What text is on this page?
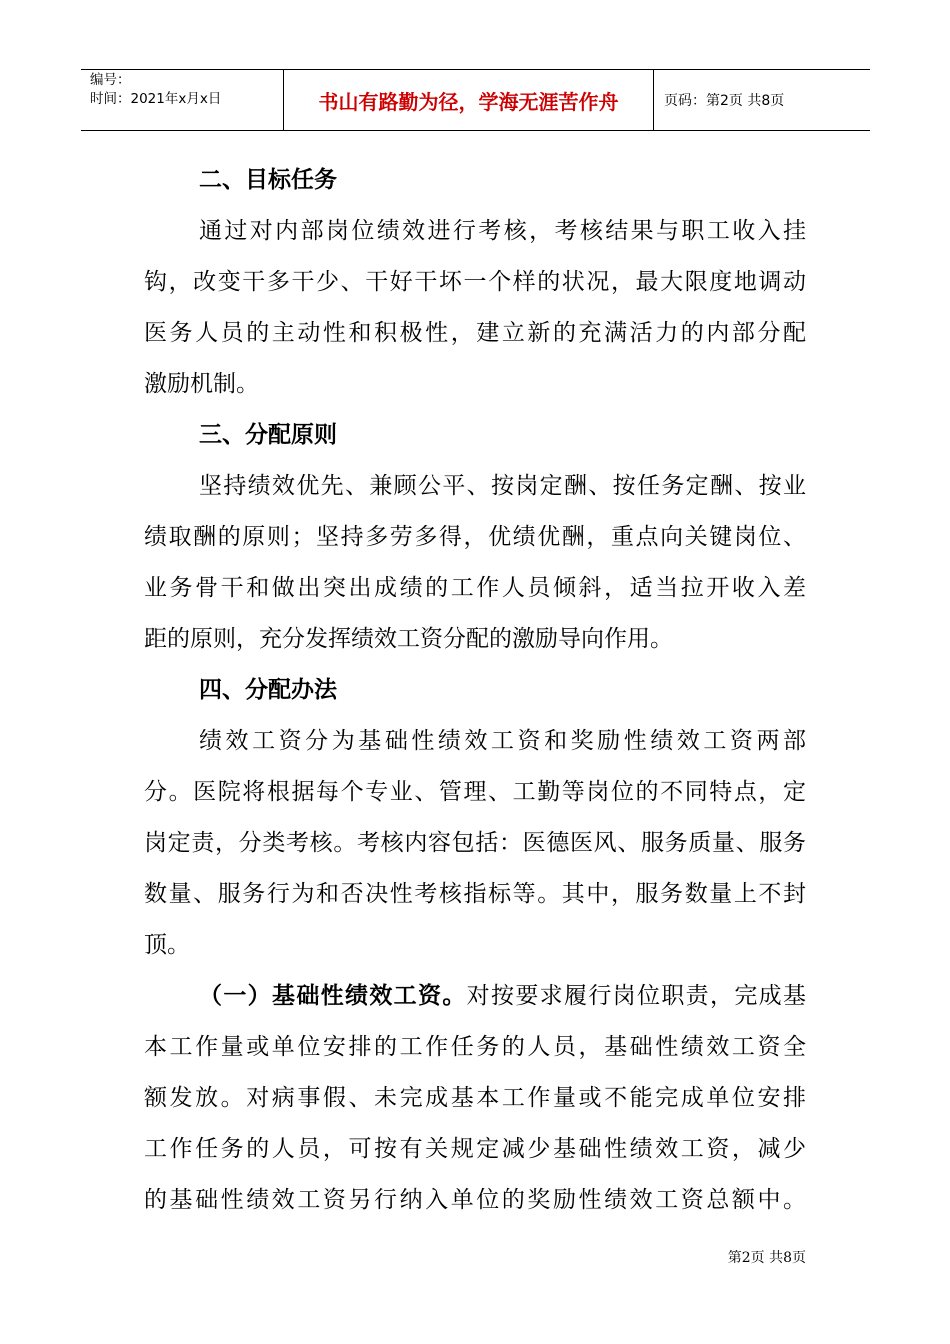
编号：
时间：2021年x月x日	书山有路勤为径，学海无涯苦作舟	页码：第2页 共8页
二、目标任务
通过对内部岗位绩效进行考核，考核结果与职工收入挂
钩，改变干多干少、干好干坏一个样的状况，最大限度地调动
医务人员的主动性和积极性，建立新的充满活力的内部分配
激励机制。
三、分配原则
坚持绩效优先、兼顾公平、按岗定酬、按任务定酬、按业
绩取酬的原则；坚持多劳多得，优绩优酬，重点向关键岗位、
业务骨干和做出突出成绩的工作人员倾斜，适当拉开收入差
距的原则，充分发挥绩效工资分配的激励导向作用。
四、分配办法
绩效工资分为基础性绩效工资和奖励性绩效工资两部
分。医院将根据每个专业、管理、工勤等岗位的不同特点，定
岗定责，分类考核。考核内容包括：医德医风、服务质量、服务
数量、服务行为和否决性考核指标等。其中，服务数量上不封
顶。
（一）基础性绩效工资。对按要求履行岗位职责，完成基
本工作量或单位安排的工作任务的人员，基础性绩效工资全
额发放。对病事假、未完成基本工作量或不能完成单位安排
工作任务的人员，可按有关规定减少基础性绩效工资，减少
的基础性绩效工资另行纳入单位的奖励性绩效工资总额中。
第2页 共8页
